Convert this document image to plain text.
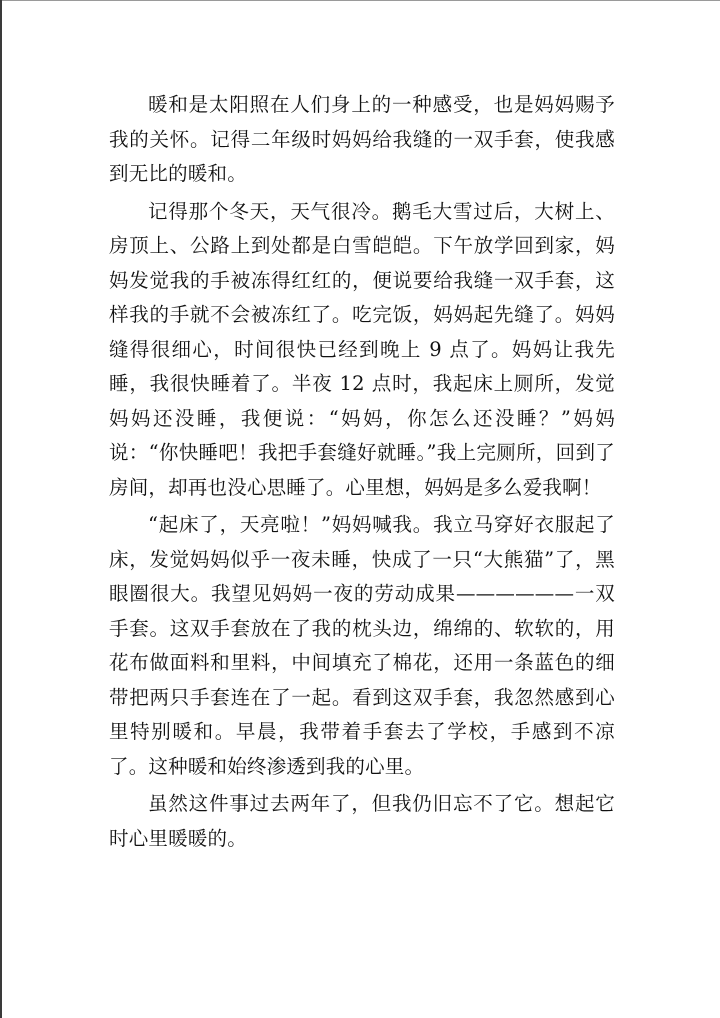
暖和是太阳照在人们身上的一种感受，也是妈妈赐予我的关怀。记得二年级时妈妈给我缝的一双手套，使我感到无比的暖和。

记得那个冬天，天气很冷。鹅毛大雪过后，大树上、房顶上、公路上到处都是白雪皑皑。下午放学回到家，妈妈发觉我的手被冻得红红的，便说要给我缝一双手套，这样我的手就不会被冻红了。吃完饭，妈妈起先缝了。妈妈缝得很细心，时间很快已经到晚上 9 点了。妈妈让我先睡，我很快睡着了。半夜 12 点时，我起床上厕所，发觉妈妈还没睡，我便说：“妈妈，你怎么还没睡？”妈妈说：“你快睡吧！我把手套缝好就睡。”我上完厕所，回到了房间，却再也没心思睡了。心里想，妈妈是多么爱我啊！

“起床了，天亮啦！”妈妈喊我。我立马穿好衣服起了床，发觉妈妈似乎一夜未睡，快成了一只“大熊猫”了，黑眼圈很大。我望见妈妈一夜的劳动成果——————一双手套。这双手套放在了我的枕头边，绵绵的、软软的，用花布做面料和里料，中间填充了棉花，还用一条蓝色的细带把两只手套连在了一起。看到这双手套，我忽然感到心里特别暖和。早晨，我带着手套去了学校，手感到不凉了。这种暖和始终渗透到我的心里。

虽然这件事过去两年了，但我仍旧忘不了它。想起它时心里暖暖的。
